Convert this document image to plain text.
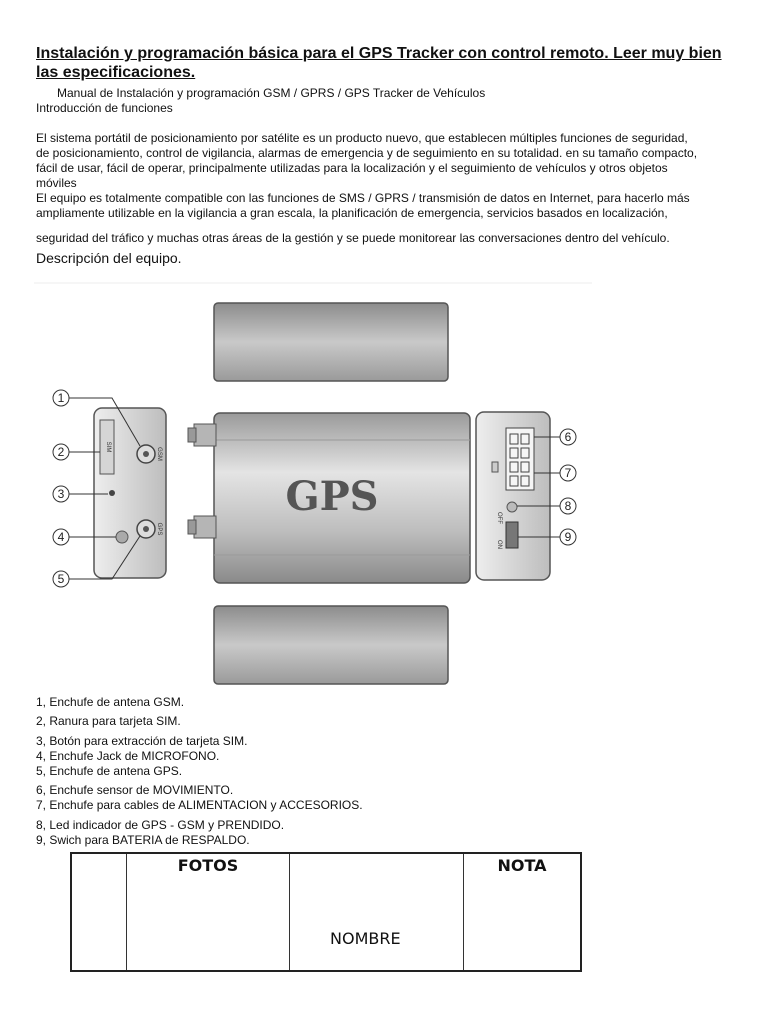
Instalación y programación básica para el GPS Tracker con control remoto. Leer muy bien las especificaciones.
Manual de Instalación y programación GSM / GPRS / GPS Tracker de Vehículos
Introducción de funciones
El sistema portátil de posicionamiento por satélite es un producto nuevo, que establecen múltiples funciones de seguridad,
de posicionamiento, control de vigilancia, alarmas de emergencia y de seguimiento en su totalidad. en su tamaño compacto,
fácil de usar, fácil de operar, principalmente utilizadas para la localización y el seguimiento de vehículos y otros objetos
móviles
El equipo es totalmente compatible con las funciones de SMS / GPRS / transmisión de datos en Internet, para hacerlo más
ampliamente utilizable en la vigilancia a gran escala, la planificación de emergencia, servicios basados en localización,
seguridad del tráfico y muchas otras áreas de la gestión y se puede monitorear las conversaciones dentro del vehículo.
Descripción del equipo.
GPS
SIM
GSM
GPS
OFF
ON
1
2
3
4
5
6
7
8
9
1, Enchufe de antena GSM.
2, Ranura para tarjeta SIM.
3, Botón para extracción de tarjeta SIM.
4, Enchufe Jack de MICROFONO.
5, Enchufe de antena GPS.
6, Enchufe sensor de MOVIMIENTO.
7, Enchufe para cables de ALIMENTACION y ACCESORIOS.
8, Led indicador de GPS - GSM y PRENDIDO.
9, Swich para BATERIA de RESPALDO.
	FOTOS	NOMBRE	NOTA
